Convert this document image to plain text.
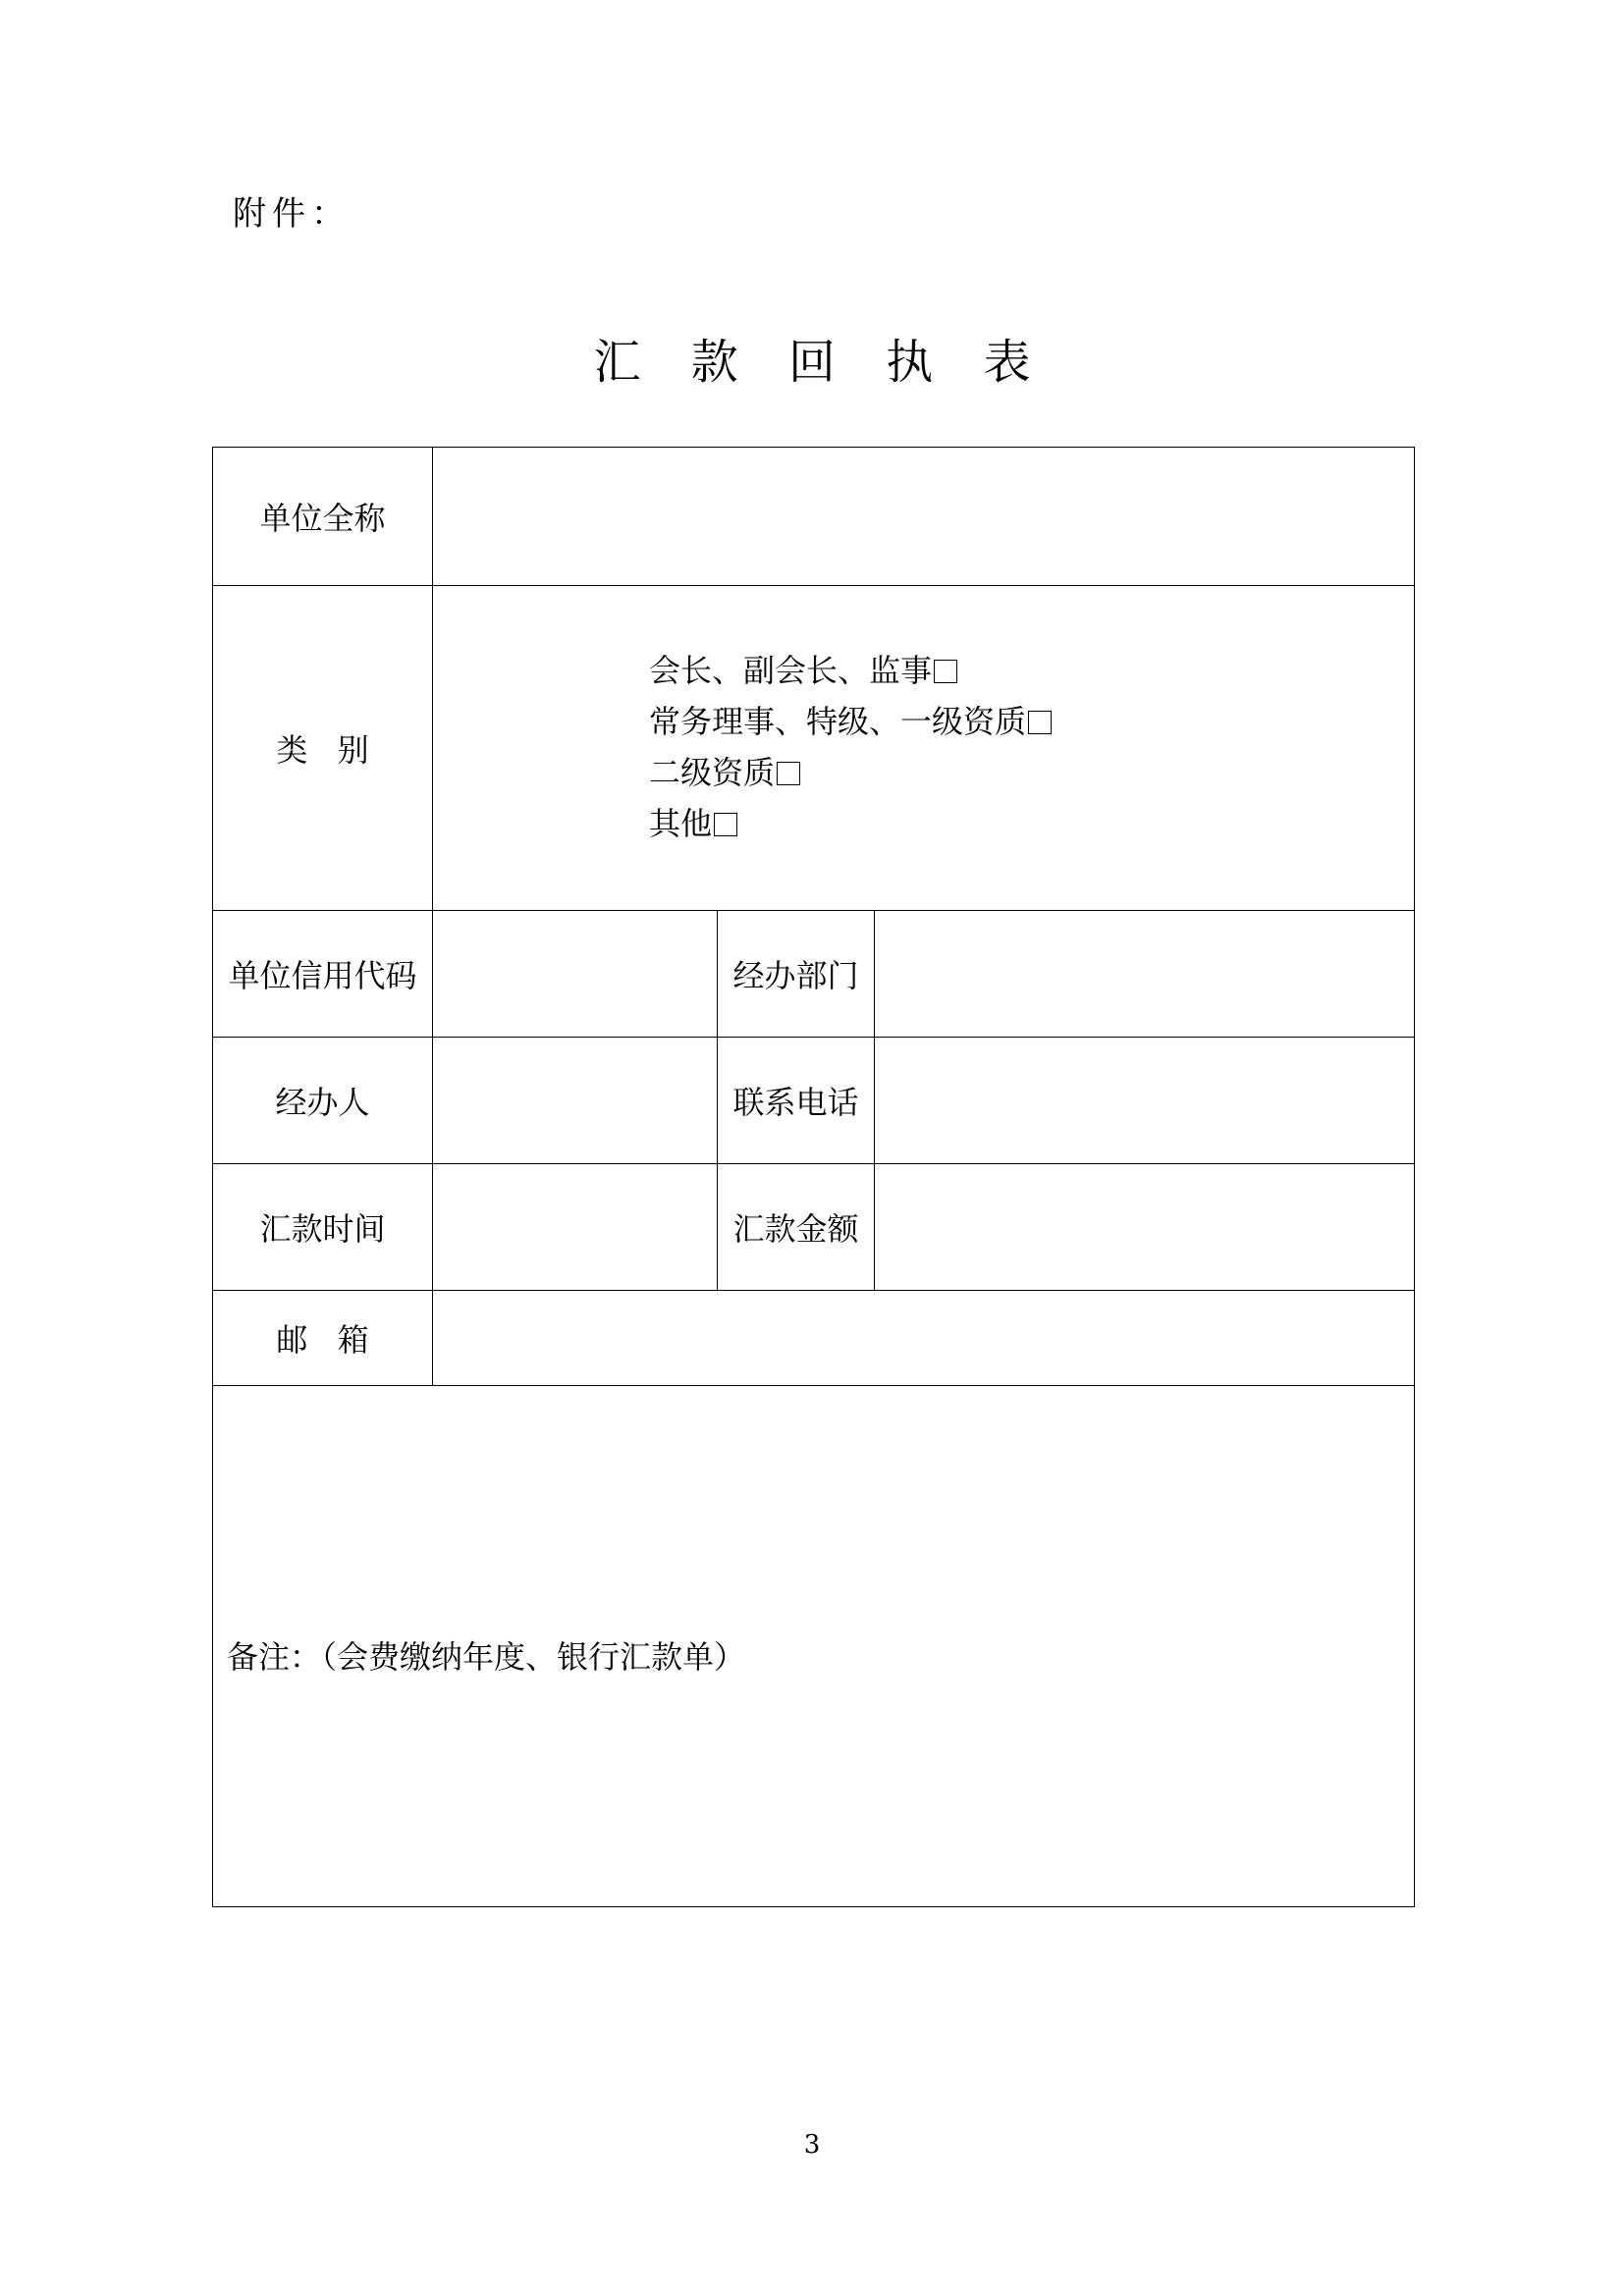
附件：
汇 款 回 执 表
单位全称			
类 别	会长、副会长、监事
常务理事、特级、一级资质
二级资质
其他		

单位信用代码		经办部门	
经办人		联系电话	
汇款时间		汇款金额	
邮 箱			

备注：（会费缴纳年度、银行汇款单）			
3
